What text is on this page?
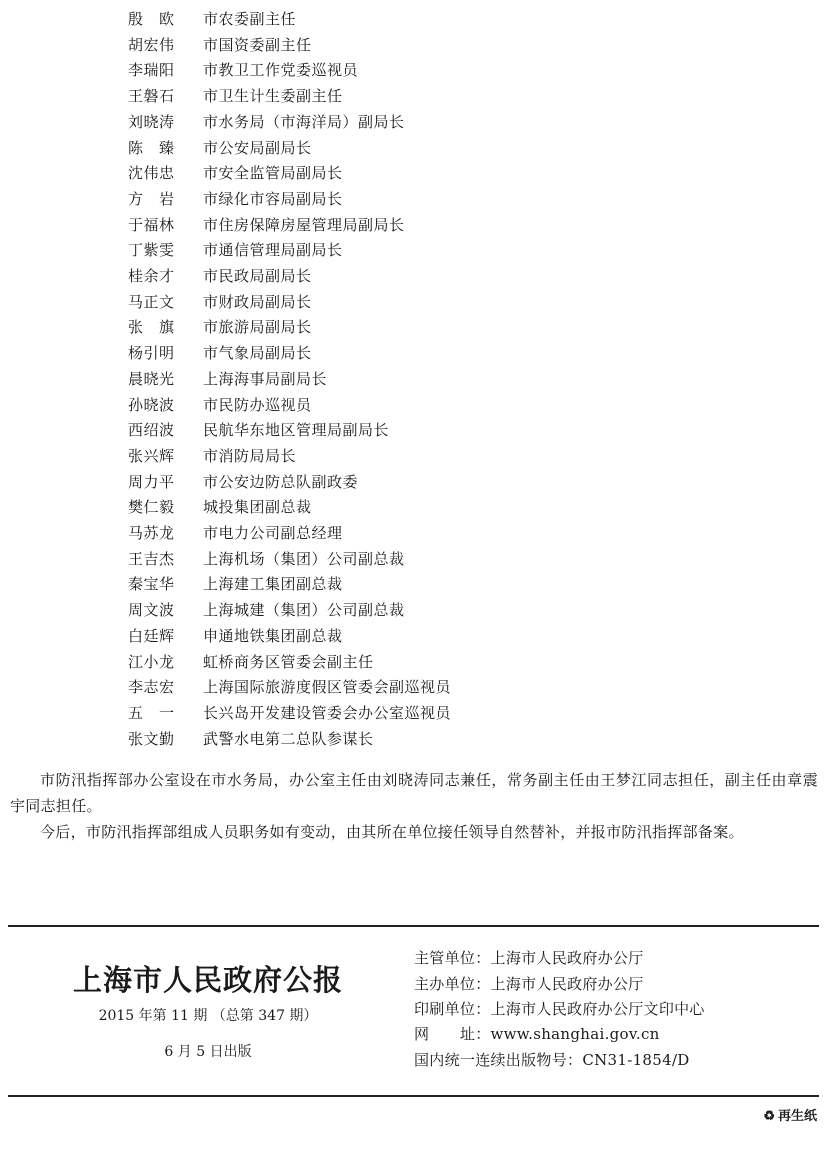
殷　欧	市农委副主任
胡宏伟	市国资委副主任
李瑞阳	市教卫工作党委巡视员
王磐石	市卫生计生委副主任
刘晓涛	市水务局（市海洋局）副局长
陈　臻	市公安局副局长
沈伟忠	市安全监管局副局长
方　岩	市绿化市容局副局长
于福林	市住房保障房屋管理局副局长
丁紫雯	市通信管理局副局长
桂余才	市民政局副局长
马正文	市财政局副局长
张　旗	市旅游局副局长
杨引明	市气象局副局长
晨晓光	上海海事局副局长
孙晓波	市民防办巡视员
西绍波	民航华东地区管理局副局长
张兴辉	市消防局局长
周力平	市公安边防总队副政委
樊仁毅	城投集团副总裁
马苏龙	市电力公司副总经理
王吉杰	上海机场（集团）公司副总裁
秦宝华	上海建工集团副总裁
周文波	上海城建（集团）公司副总裁
白廷辉	申通地铁集团副总裁
江小龙	虹桥商务区管委会副主任
李志宏	上海国际旅游度假区管委会副巡视员
五　一	长兴岛开发建设管委会办公室巡视员
张文勤	武警水电第二总队参谋长

市防汛指挥部办公室设在市水务局，办公室主任由刘晓涛同志兼任，常务副主任由王梦江同志担任，副主任由章震宇同志担任。

今后，市防汛指挥部组成人员职务如有变动，由其所在单位接任领导自然替补，并报市防汛指挥部备案。

上海市人民政府公报
2015 年第 11 期 （总第 347 期）
6 月 5 日出版
主管单位：上海市人民政府办公厅
主办单位：上海市人民政府办公厅
印刷单位：上海市人民政府办公厅文印中心
网　　址：www.shanghai.gov.cn
国内统一连续出版物号：CN31-1854/D
♻ 再生纸
